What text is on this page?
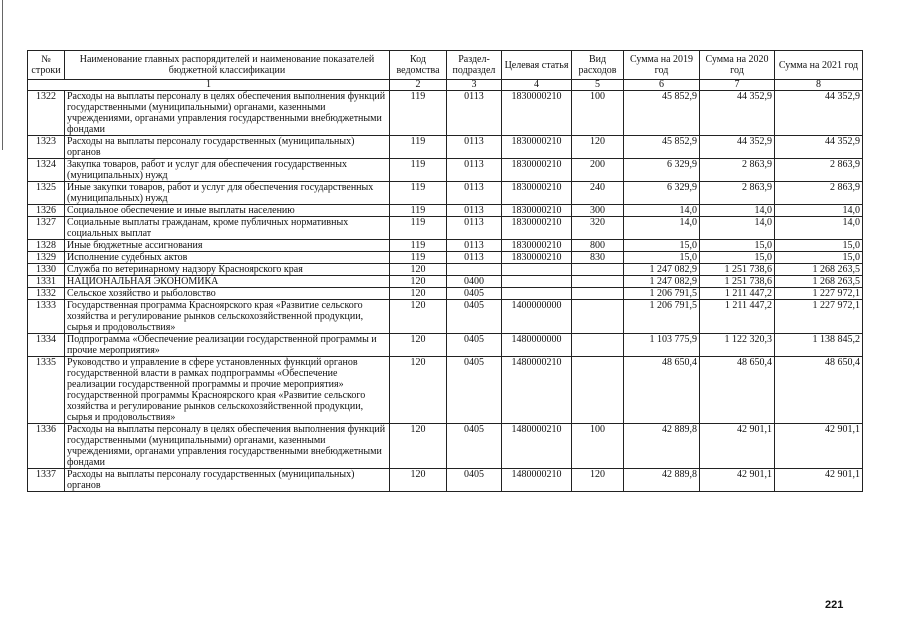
№ строки	Наименование главных распорядителей и наименование показателей бюджетной классификации	Код ведомства	Раздел-подраздел	Целевая статья	Вид расходов	Сумма на 2019 год	Сумма на 2020 год	Сумма на 2021 год
1		2	3	4	5	6	7	8
1322	Расходы на выплаты персоналу в целях обеспечения выполнения функций государственными (муниципальными) органами, казенными учреждениями, органами управления государственными внебюджетными фондами	119	0113	1830000210	100	45 852,9	44 352,9	44 352,9
1323	Расходы на выплаты персоналу государственных (муниципальных) органов	119	0113	1830000210	120	45 852,9	44 352,9	44 352,9
1324	Закупка товаров, работ и услуг для обеспечения государственных (муниципальных) нужд	119	0113	1830000210	200	6 329,9	2 863,9	2 863,9
1325	Иные закупки товаров, работ и услуг для обеспечения государственных (муниципальных) нужд	119	0113	1830000210	240	6 329,9	2 863,9	2 863,9
1326	Социальное обеспечение и иные выплаты населению	119	0113	1830000210	300	14,0	14,0	14,0
1327	Социальные выплаты гражданам, кроме публичных нормативных социальных выплат	119	0113	1830000210	320	14,0	14,0	14,0
1328	Иные бюджетные ассигнования	119	0113	1830000210	800	15,0	15,0	15,0
1329	Исполнение судебных актов	119	0113	1830000210	830	15,0	15,0	15,0
1330	Служба по ветеринарному надзору Красноярского края	120				1 247 082,9	1 251 738,6	1 268 263,5
1331	НАЦИОНАЛЬНАЯ ЭКОНОМИКА	120	0400			1 247 082,9	1 251 738,6	1 268 263,5
1332	Сельское хозяйство и рыболовство	120	0405			1 206 791,5	1 211 447,2	1 227 972,1
1333	Государственная программа Красноярского края «Развитие сельского хозяйства и регулирование рынков сельскохозяйственной продукции, сырья и продовольствия»	120	0405	1400000000		1 206 791,5	1 211 447,2	1 227 972,1
1334	Подпрограмма «Обеспечение реализации государственной программы и прочие мероприятия»	120	0405	1480000000		1 103 775,9	1 122 320,3	1 138 845,2
1335	Руководство и управление в сфере установленных функций органов государственной власти в рамках подпрограммы «Обеспечение реализации государственной программы и прочие мероприятия» государственной программы Красноярского края «Развитие сельского хозяйства и регулирование рынков сельскохозяйственной продукции, сырья и продовольствия»	120	0405	1480000210		48 650,4	48 650,4	48 650,4
1336	Расходы на выплаты персоналу в целях обеспечения выполнения функций государственными (муниципальными) органами, казенными учреждениями, органами управления государственными внебюджетными фондами	120	0405	1480000210	100	42 889,8	42 901,1	42 901,1
1337	Расходы на выплаты персоналу государственных (муниципальных) органов	120	0405	1480000210	120	42 889,8	42 901,1	42 901,1
221
